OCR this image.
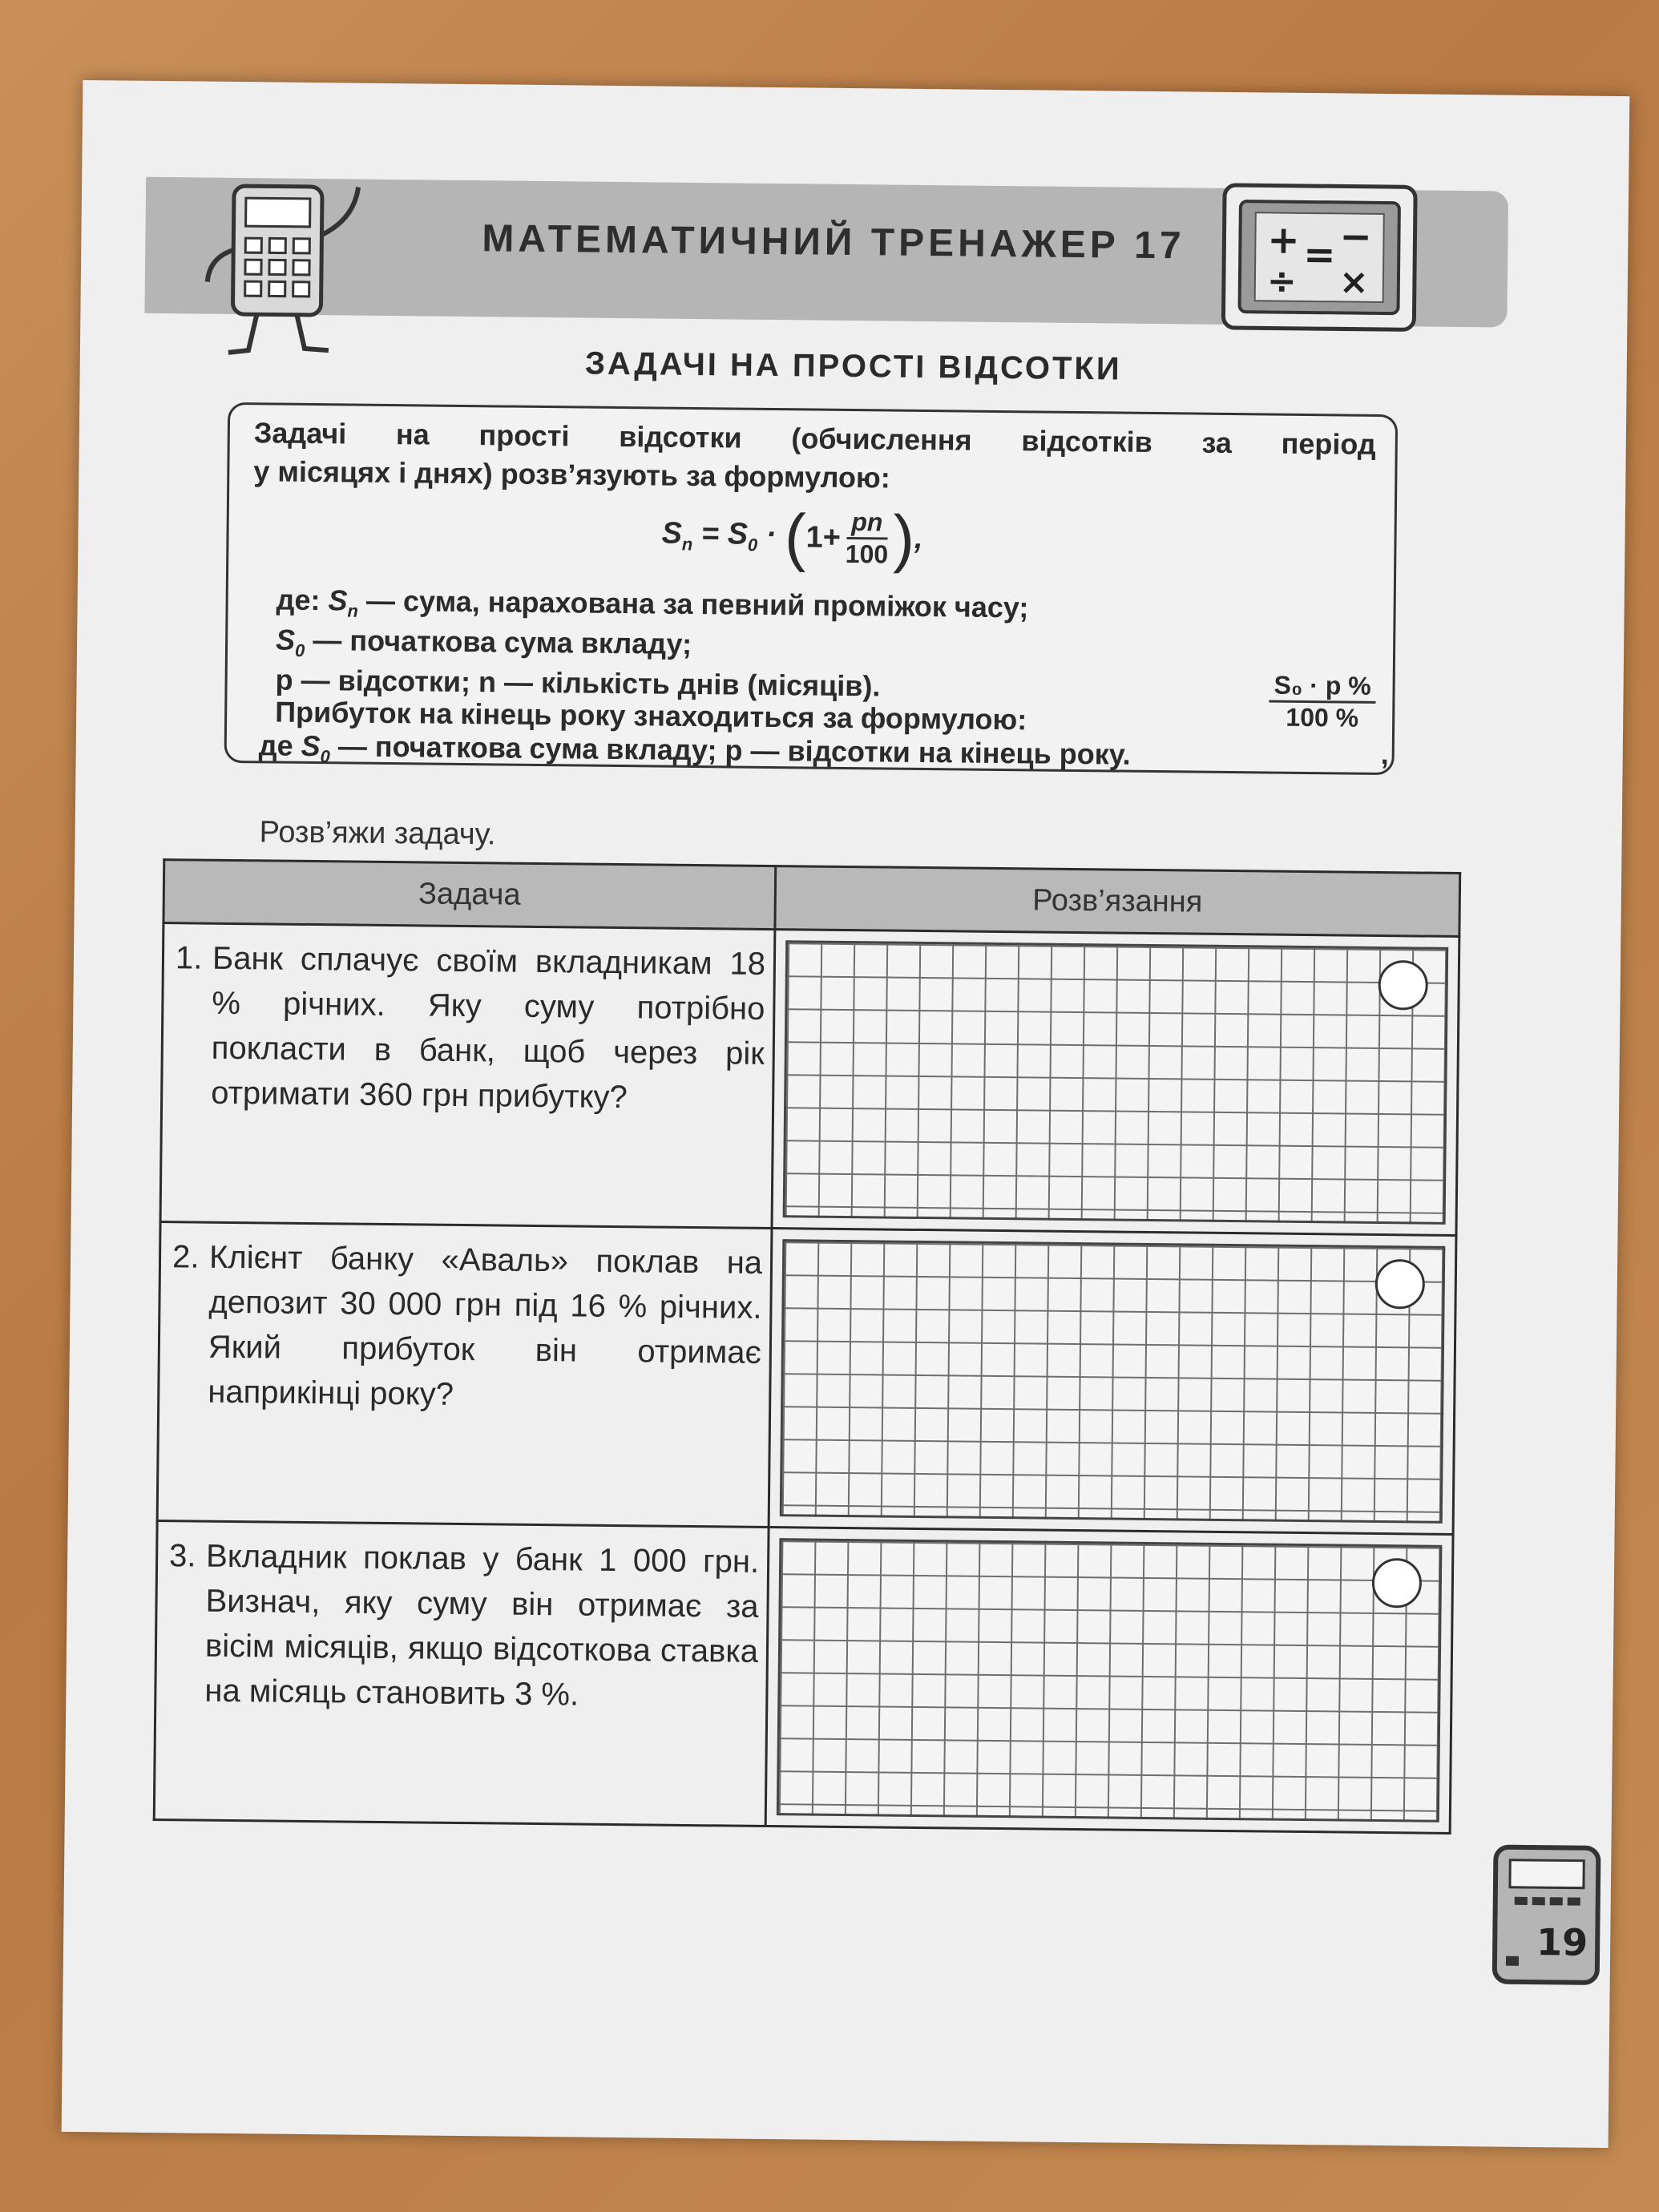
МАТЕМАТИЧНИЙ ТРЕНАЖЕР 17	+ −
=
÷ ×
ЗАДАЧІ НА ПРОСТІ ВІДСОТКИ
Задачі на прості відсотки (обчислення відсотків за період
у місяцях і днях) розв’язують за формулою:
$S_n = S_0$ · ( $1+ \frac{pn}{100}$ ) ,
де: $S_n$ — сума, нарахована за певний проміжок часу;
$S_0$ — початкова сума вкладу;
p — відсотки; n — кількість днів (місяців).
Прибуток на кінець року знаходиться за формулою:	$\frac{\text{S₀ · p \%}}{100 \%}$
,
де $S_0$ — початкова сума вкладу; p — відсотки на кінець року.
Розв’яжи задачу.
Задача	Розв’язання

1. Банк сплачує своїм вкладникам 18 % річних. Яку суму потрібно покласти в банк, щоб через рік отримати 360 грн прибутку?	

2. Клієнт банку «Аваль» поклав на депозит 30 000 грн під 16 % річних. Який прибуток він отримає наприкінці року?	

3. Вкладник поклав у банк 1 000 грн. Визнач, яку суму він отримає за вісім місяців, якщо відсоткова ставка на місяць становить 3 %.	
19
